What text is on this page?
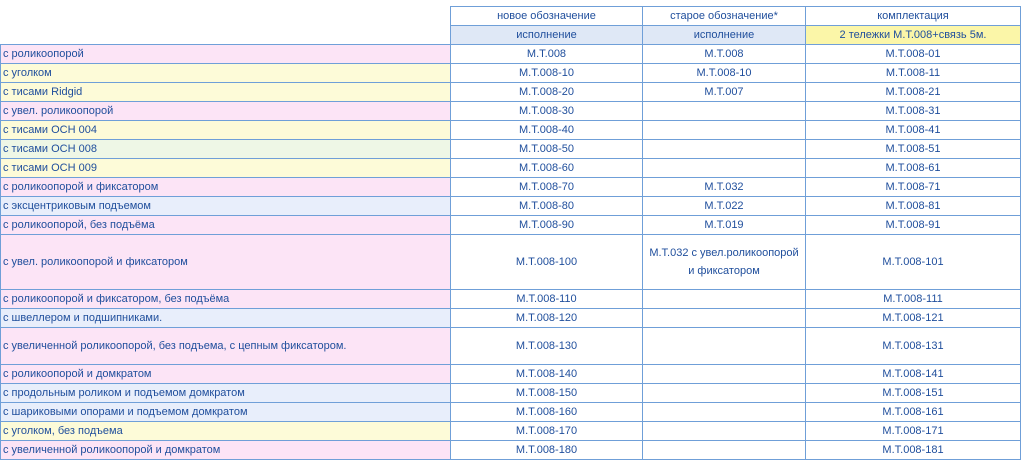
	новое обозначение	старое обозначение*	комплектация
	исполнение	исполнение	2 тележки М.Т.008+связь 5м.
с роликоопорой	М.Т.008	М.Т.008	М.Т.008-01
с уголком	М.Т.008-10	М.Т.008-10	М.Т.008-11
с тисами Ridgid	М.Т.008-20	М.Т.007	М.Т.008-21
с увел. роликоопорой	М.Т.008-30		М.Т.008-31
с тисами ОСН 004	М.Т.008-40		М.Т.008-41
с тисами ОСН 008	М.Т.008-50		М.Т.008-51
с тисами ОСН 009	М.Т.008-60		М.Т.008-61
с роликоопорой и фиксатором	М.Т.008-70	М.Т.032	М.Т.008-71
с эксцентриковым подъемом	М.Т.008-80	М.Т.022	М.Т.008-81
с роликоопорой, без подъёма	М.Т.008-90	М.Т.019	М.Т.008-91
с увел. роликоопорой и фиксатором	М.Т.008-100	М.Т.032 с увел.роликоопорой и фиксатором	М.Т.008-101
с роликоопорой и фиксатором, без подъёма	М.Т.008-110		М.Т.008-111
с швеллером и подшипниками.	М.Т.008-120		М.Т.008-121
с увеличенной роликоопорой, без подъема, с цепным фиксатором.	М.Т.008-130		М.Т.008-131
с роликоопорой и домкратом	М.Т.008-140		М.Т.008-141
с продольным роликом и подъемом домкратом	М.Т.008-150		М.Т.008-151
с шариковыми опорами и подъемом домкратом	М.Т.008-160		М.Т.008-161
с уголком, без подъема	М.Т.008-170		М.Т.008-171
с увеличенной роликоопорой и домкратом	М.Т.008-180		М.Т.008-181
